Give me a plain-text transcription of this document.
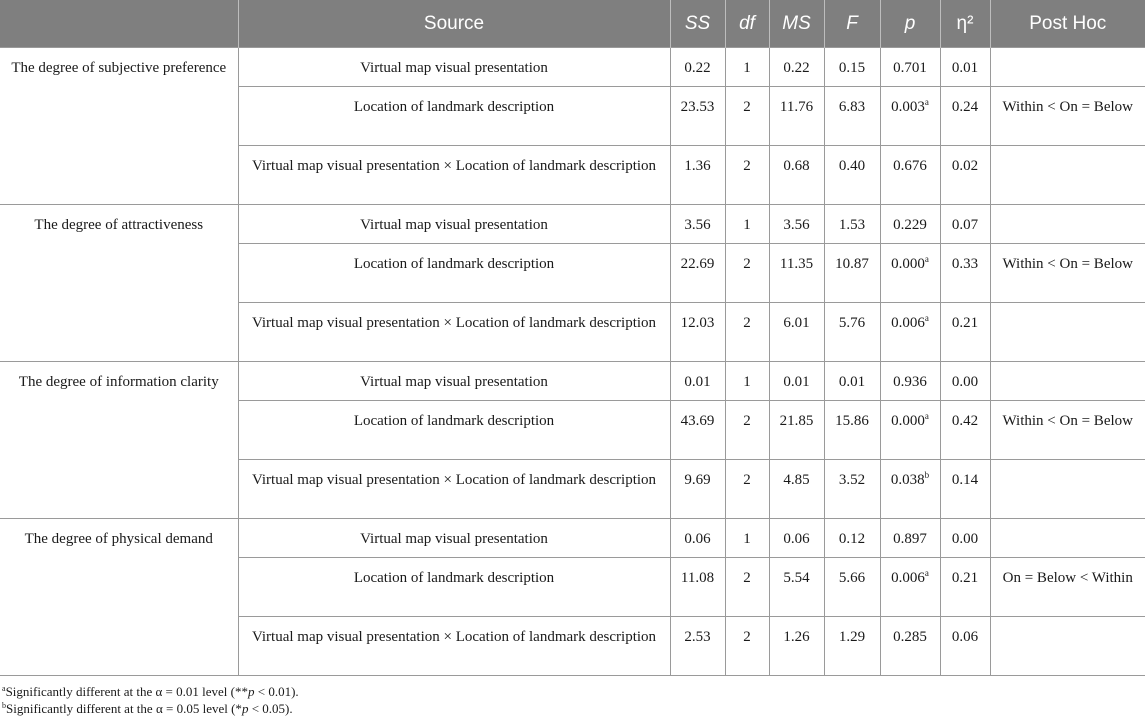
	Source	SS	df	MS	F	p	η²	Post Hoc
The degree of subjective preference	Virtual map visual presentation	0.22	1	0.22	0.15	0.701	0.01	
	Location of landmark description	23.53	2	11.76	6.83	0.003$^a$	0.24	Within < On = Below
	Virtual map visual presentation × Location of landmark description	1.36	2	0.68	0.40	0.676	0.02	
The degree of attractiveness	Virtual map visual presentation	3.56	1	3.56	1.53	0.229	0.07	
	Location of landmark description	22.69	2	11.35	10.87	0.000$^a$	0.33	Within < On = Below
	Virtual map visual presentation × Location of landmark description	12.03	2	6.01	5.76	0.006$^a$	0.21	
The degree of information clarity	Virtual map visual presentation	0.01	1	0.01	0.01	0.936	0.00	
	Location of landmark description	43.69	2	21.85	15.86	0.000$^a$	0.42	Within < On = Below
	Virtual map visual presentation × Location of landmark description	9.69	2	4.85	3.52	0.038$^b$	0.14	
The degree of physical demand	Virtual map visual presentation	0.06	1	0.06	0.12	0.897	0.00	
	Location of landmark description	11.08	2	5.54	5.66	0.006$^a$	0.21	On = Below < Within
	Virtual map visual presentation × Location of landmark description	2.53	2	1.26	1.29	0.285	0.06	
$^a$Significantly different at the α = 0.01 level (**p < 0.01).
$^b$Significantly different at the α = 0.05 level (*p < 0.05).
